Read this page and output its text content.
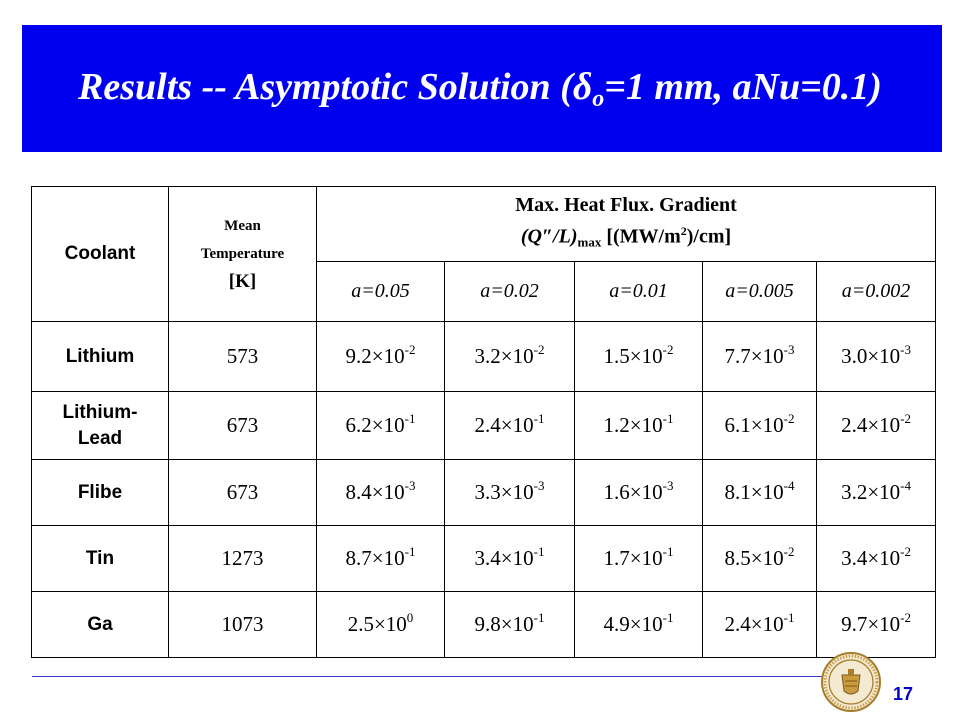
Results -- Asymptotic Solution ($\delta_o=1$ mm, aNu=0.1)
Coolant	Mean
Temperature
[K]	Max. Heat Flux. Gradient
$(Q''/L)_{max}$ $[(MW/m^2)/cm]$				
		a=0.05	a=0.02	a=0.01	a=0.005	a=0.002
Lithium	573	$9.2\times 10^{-2}$	$3.2\times 10^{-2}$	$1.5\times 10^{-2}$	$7.7\times 10^{-3}$	$3.0\times 10^{-3}$
Lithium-
Lead	673	$6.2\times 10^{-1}$	$2.4\times 10^{-1}$	$1.2\times 10^{-1}$	$6.1\times 10^{-2}$	$2.4\times 10^{-2}$
Flibe	673	$8.4\times 10^{-3}$	$3.3\times 10^{-3}$	$1.6\times 10^{-3}$	$8.1\times 10^{-4}$	$3.2\times 10^{-4}$
Tin	1273	$8.7\times 10^{-1}$	$3.4\times 10^{-1}$	$1.7\times 10^{-1}$	$8.5\times 10^{-2}$	$3.4\times 10^{-2}$
Ga	1073	$2.5\times 10^0$	$9.8\times 10^{-1}$	$4.9\times 10^{-1}$	$2.4\times 10^{-1}$	$9.7\times 10^{-2}$
17
